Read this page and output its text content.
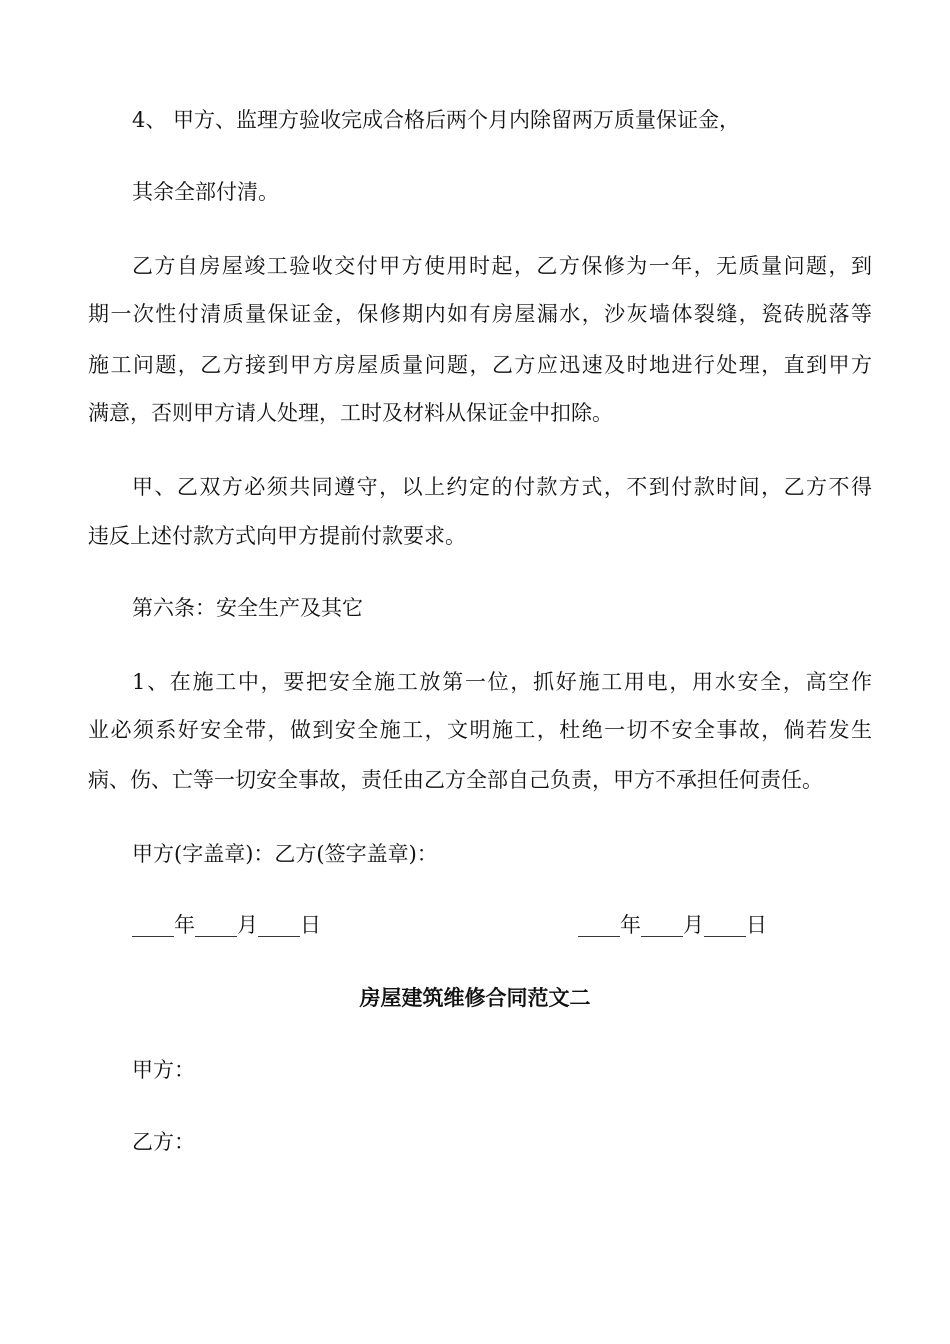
4、 甲方、监理方验收完成合格后两个月内除留两万质量保证金，
其余全部付清。
乙方自房屋竣工验收交付甲方使用时起，乙方保修为一年，无质量问题，到
期一次性付清质量保证金，保修期内如有房屋漏水，沙灰墙体裂缝，瓷砖脱落等
施工问题，乙方接到甲方房屋质量问题，乙方应迅速及时地进行处理，直到甲方
满意，否则甲方请人处理，工时及材料从保证金中扣除。
甲、乙双方必须共同遵守，以上约定的付款方式，不到付款时间，乙方不得
违反上述付款方式向甲方提前付款要求。
第六条：安全生产及其它
1、在施工中，要把安全施工放第一位，抓好施工用电，用水安全，高空作
业必须系好安全带，做到安全施工，文明施工，杜绝一切不安全事故，倘若发生
病、伤、亡等一切安全事故，责任由乙方全部自己负责，甲方不承担任何责任。
甲方(字盖章)：乙方(签字盖章)：
____年____月____日	____年____月____日
房屋建筑维修合同范文二
甲方：
乙方：
